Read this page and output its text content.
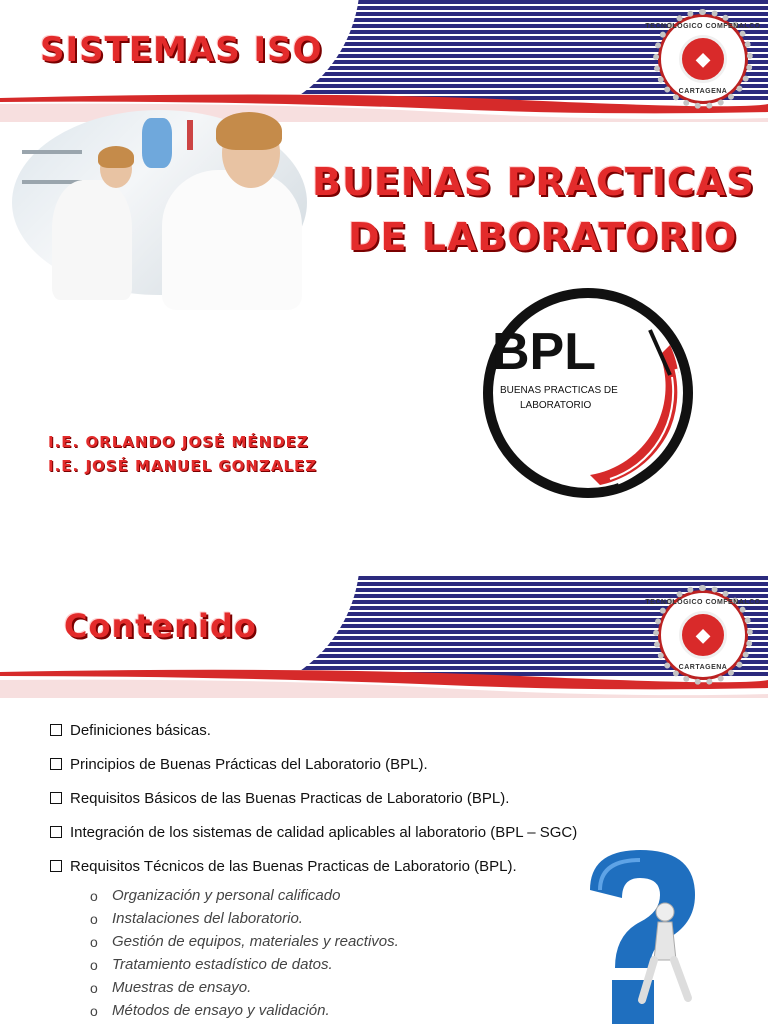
SISTEMAS ISO
TECNOLÓGICO COMFENALCO
◆
CARTAGENA
BUENAS PRACTICAS
DE LABORATORIO
BPL
BUENAS PRACTICAS DE
LABORATORIO
I.E. ORLANDO JOSÉ MÉNDEZ
I.E. JOSÉ MANUEL GONZALEZ
Contenido
TECNOLÓGICO COMFENALCO
◆
CARTAGENA
Definiciones básicas.
Principios de Buenas Prácticas del Laboratorio (BPL).
Requisitos Básicos de las Buenas Practicas de Laboratorio (BPL).
Integración de los sistemas de calidad aplicables al laboratorio (BPL – SGC)
Requisitos Técnicos de las Buenas Practicas de Laboratorio (BPL).
o Organización y personal calificado
o Instalaciones del laboratorio.
o Gestión de equipos, materiales y reactivos.
o Tratamiento estadístico de datos.
o Muestras de ensayo.
o Métodos de ensayo y validación.
